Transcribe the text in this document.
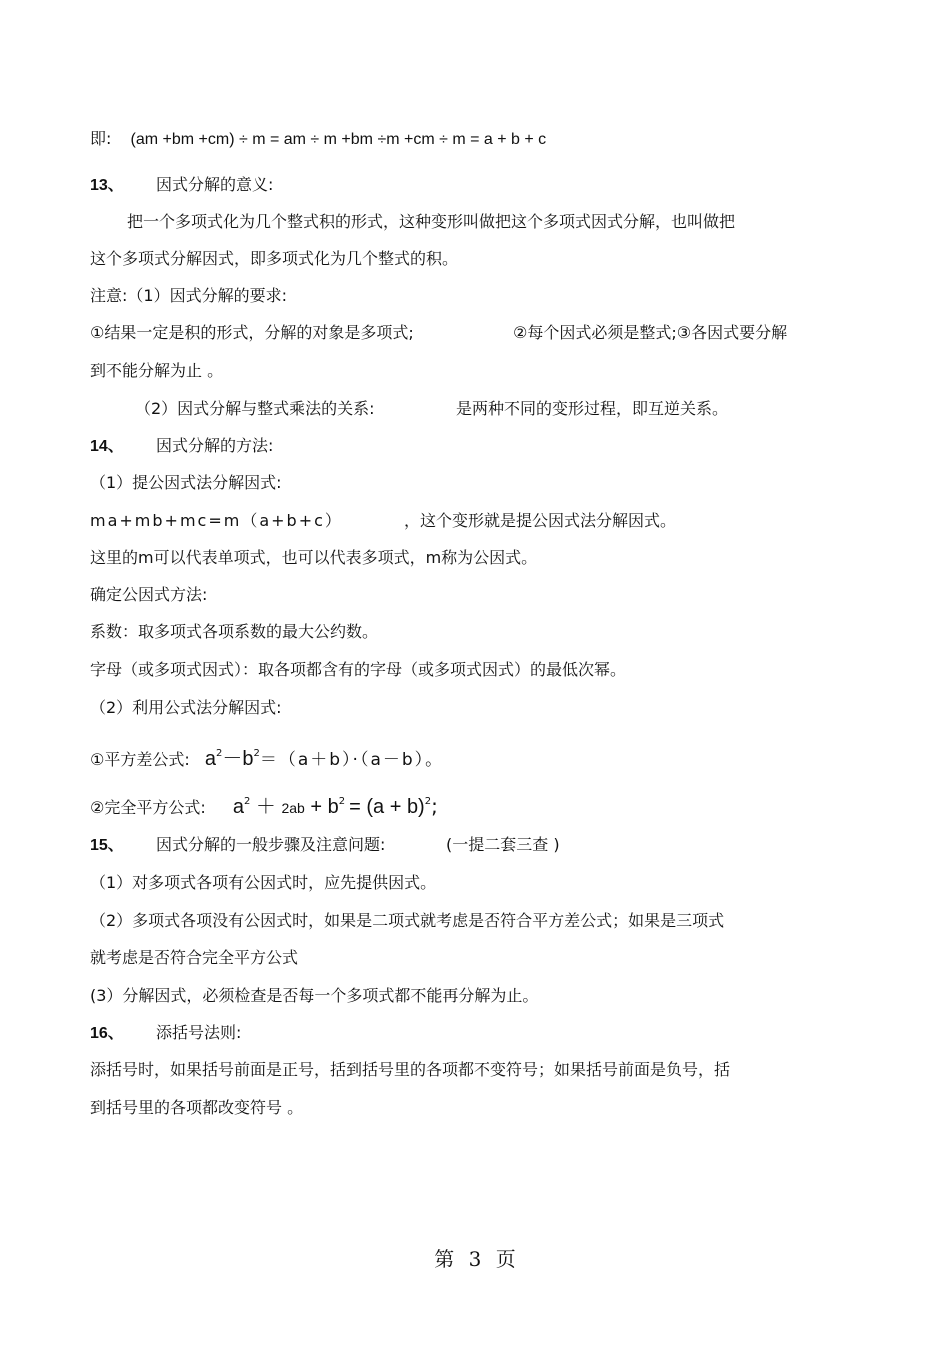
即: (am +bm +cm) ÷ m = am ÷ m +bm ÷m +cm ÷ m = a + b + c
13、 因式分解的意义:
把一个多项式化为几个整式积的形式，这种变形叫做把这个多项式因式分解，也叫做把
这个多项式分解因式，即多项式化为几个整式的积。
注意:（1）因式分解的要求:
①结果一定是积的形式，分解的对象是多项式;	②每个因式必须是整式;③各因式要分解
到不能分解为止 。
（2）因式分解与整式乘法的关系:	是两种不同的变形过程，即互逆关系。
14、 因式分解的方法:
（1）提公因式法分解因式:
ma+mb+mc=m（a+b+c）	，这个变形就是提公因式法分解因式。
这里的m可以代表单项式，也可以代表多项式，m称为公因式。
确定公因式方法:
系数：取多项式各项系数的最大公约数。
字母（或多项式因式）：取各项都含有的字母（或多项式因式）的最低次幂。
（2）利用公式法分解因式:
①平方差公式: $a^2-b^2=(a+b)\cdot(a-b)$。
②完全平方公式: $a^2 + 2ab + b^2 = (a + b)^2$;
15、 因式分解的一般步骤及注意问题:	(一提二套三查 )
（1）对多项式各项有公因式时，应先提供因式。
（2）多项式各项没有公因式时，如果是二项式就考虑是否符合平方差公式；如果是三项式
就考虑是否符合完全平方公式
(3）分解因式，必须检查是否每一个多项式都不能再分解为止。
16、 添括号法则:
添括号时，如果括号前面是正号，括到括号里的各项都不变符号；如果括号前面是负号，括
到括号里的各项都改变符号 。
第 3 页
